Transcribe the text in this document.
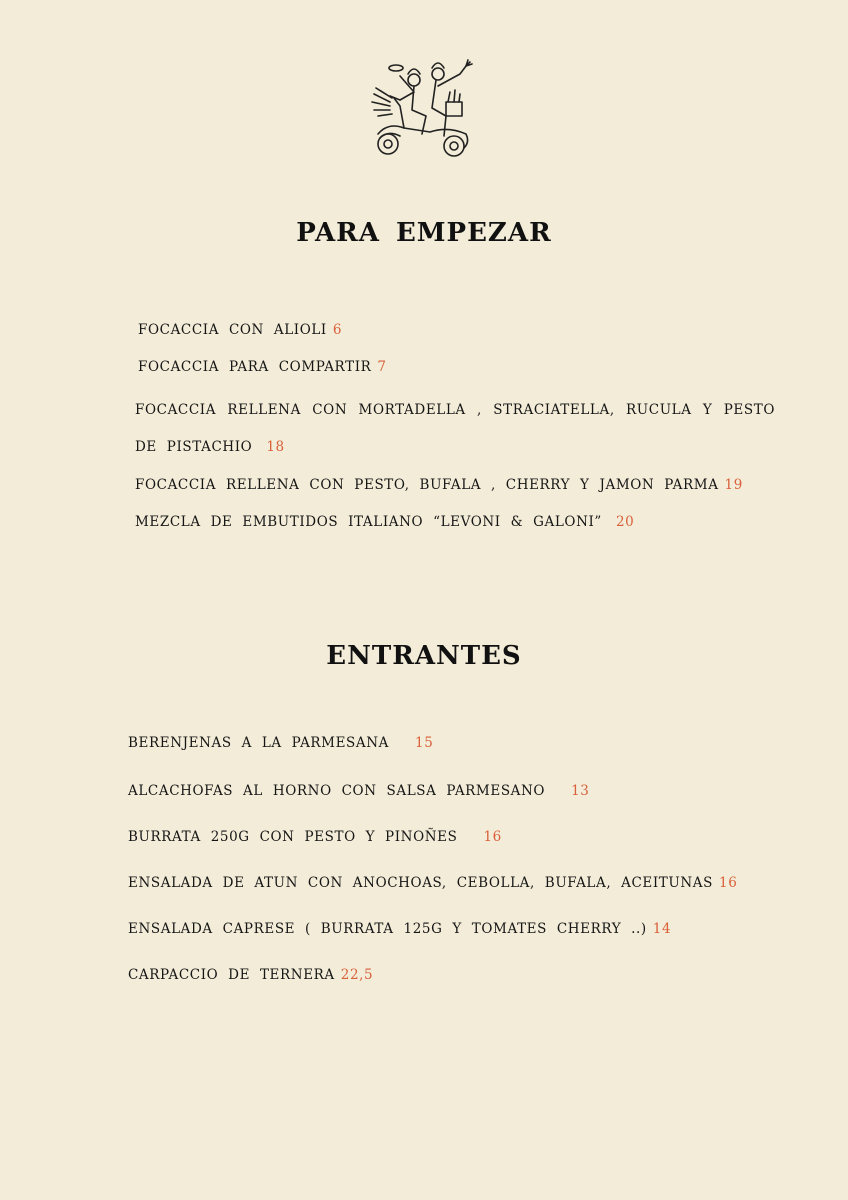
PARA EMPEZAR
FOCACCIA CON ALIOLI 6
FOCACCIA PARA COMPARTIR 7
FOCACCIA RELLENA CON MORTADELLA , STRACIATELLA, RUCULA Y PESTO
DE PISTACHIO 18
FOCACCIA RELLENA CON PESTO, BUFALA , CHERRY Y JAMON PARMA 19
MEZCLA DE EMBUTIDOS ITALIANO “LEVONI & GALONI” 20
ENTRANTES
BERENJENAS A LA PARMESANA 15
ALCACHOFAS AL HORNO CON SALSA PARMESANO 13
BURRATA 250G CON PESTO Y PINOÑES 16
ENSALADA DE ATUN CON ANOCHOAS, CEBOLLA, BUFALA, ACEITUNAS 16
ENSALADA CAPRESE ( BURRATA 125G Y TOMATES CHERRY ..) 14
CARPACCIO DE TERNERA 22,5
